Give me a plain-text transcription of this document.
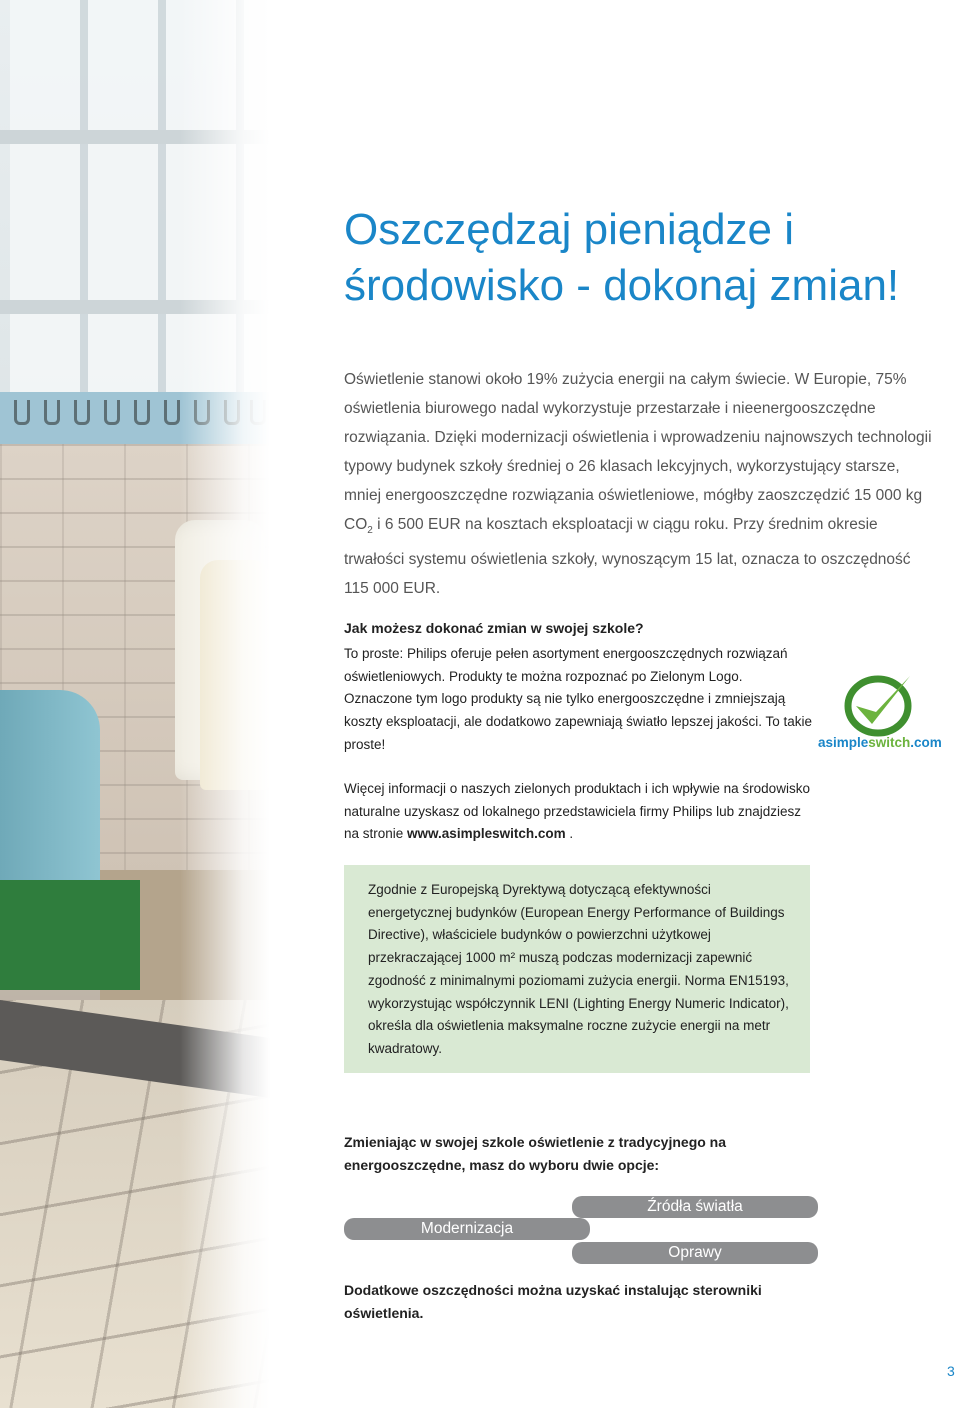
Oszczędzaj pieniądze i
środowisko - dokonaj zmian!

Oświetlenie stanowi około 19% zużycia energii na całym świecie. W Europie, 75% oświetlenia biurowego nadal wykorzystuje przestarzałe i nieenergooszczędne rozwiązania. Dzięki modernizacji oświetlenia i wprowadzeniu najnowszych technologii typowy budynek szkoły średniej o 26 klasach lekcyjnych, wykorzystujący starsze, mniej energooszczędne rozwiązania oświetleniowe, mógłby zaoszczędzić 15 000 kg $CO_2$ i 6 500 EUR na kosztach eksploatacji w ciągu roku. Przy średnim okresie trwałości systemu oświetlenia szkoły, wynoszącym 15 lat, oznacza to oszczędność 115 000 EUR.

Jak możesz dokonać zmian w swojej szkole?

To proste: Philips oferuje pełen asortyment energooszczędnych rozwiązań oświetleniowych. Produkty te można rozpoznać po Zielonym Logo. Oznaczone tym logo produkty są nie tylko energooszczędne i zmniejszają koszty eksploatacji, ale dodatkowo zapewniają światło lepszej jakości. To takie proste!	asimpleswitch.com

Więcej informacji o naszych zielonych produktach i ich wpływie na środowisko naturalne uzyskasz od lokalnego przedstawiciela firmy Philips lub znajdziesz na stronie www.asimpleswitch.com .

Zgodnie z Europejską Dyrektywą dotyczącą efektywności energetycznej budynków (European Energy Performance of Buildings Directive), właściciele budynków o powierzchni użytkowej przekraczającej 1000 m² muszą podczas modernizacji zapewnić zgodność z minimalnymi poziomami zużycia energii. Norma EN15193, wykorzystując współczynnik LENI (Lighting Energy Numeric Indicator), określa dla oświetlenia maksymalne roczne zużycie energii na metr kwadratowy.

Zmieniając w swojej szkole oświetlenie z tradycyjnego na energooszczędne, masz do wyboru dwie opcje:

Modernizacja
Źródła światła
Oprawy

Dodatkowe oszczędności można uzyskać instalując sterowniki oświetlenia.

3
